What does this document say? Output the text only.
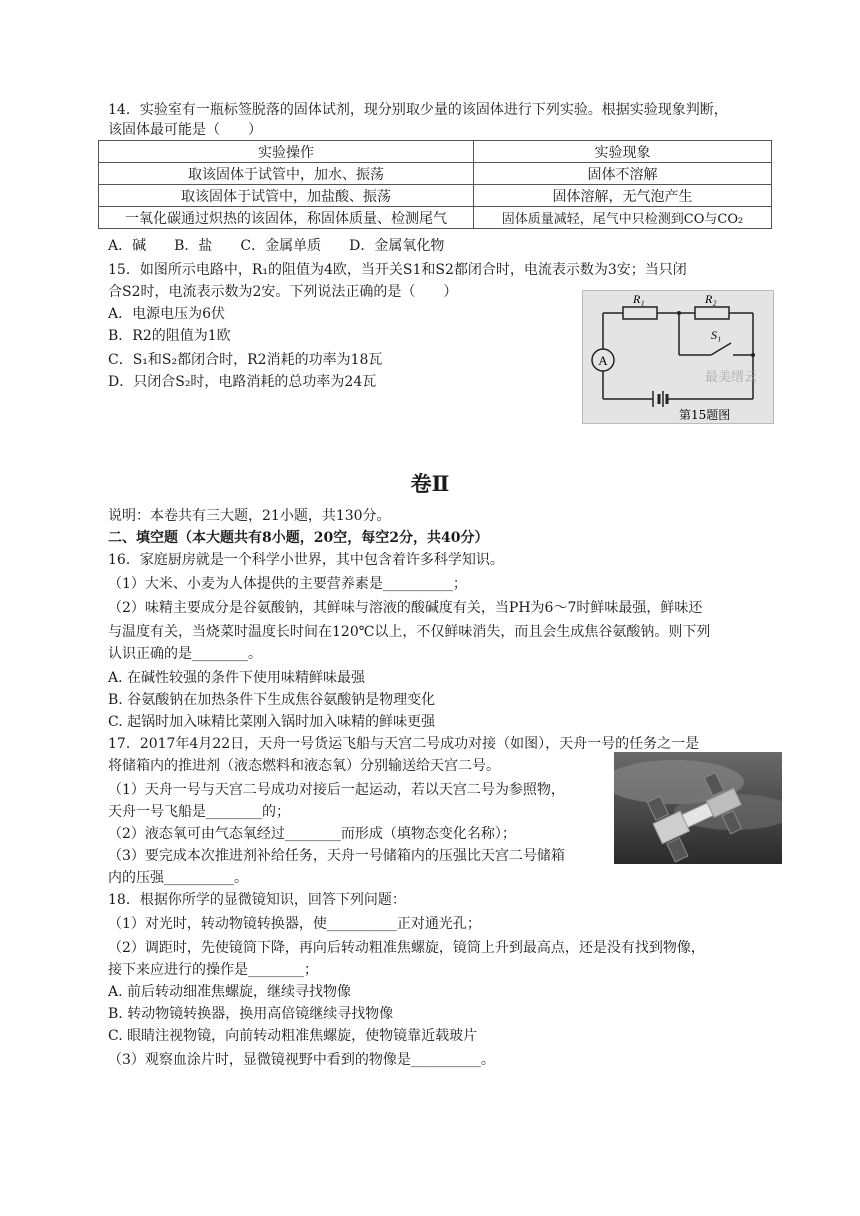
14．实验室有一瓶标签脱落的固体试剂，现分别取少量的该固体进行下列实验。根据实验现象判断，
该固体最可能是（　　）
实验操作	实验现象
取该固体于试管中，加水、振荡	固体不溶解
取该固体于试管中，加盐酸、振荡	固体溶解，无气泡产生
一氧化碳通过炽热的该固体，称固体质量、检测尾气	固体质量减轻，尾气中只检测到CO与CO₂
A．碱　　B．盐　　C．金属单质　　D．金属氧化物
15．如图所示电路中，R₁的阻值为4欧，当开关S1和S2都闭合时，电流表示数为3安；当只闭
合S2时，电流表示数为2安。下列说法正确的是（　　）
A．电源电压为6伏
B．R2的阻值为1欧
C．S₁和S₂都闭合时，R2消耗的功率为18瓦
D．只闭合S₂时，电路消耗的总功率为24瓦
A
R₁	R₂
S₁
第15题图
最美缙云
卷Ⅱ
说明：本卷共有三大题，21小题，共130分。
二、填空题（本大题共有8小题，20空，每空2分，共40分）
16．家庭厨房就是一个科学小世界，其中包含着许多科学知识。
（1）大米、小麦为人体提供的主要营养素是__________；
（2）味精主要成分是谷氨酸钠，其鲜味与溶液的酸碱度有关，当PH为6～7时鲜味最强，鲜味还
与温度有关，当烧菜时温度长时间在120℃以上，不仅鲜味消失，而且会生成焦谷氨酸钠。则下列
认识正确的是________。
A. 在碱性较强的条件下使用味精鲜味最强
B. 谷氨酸钠在加热条件下生成焦谷氨酸钠是物理变化
C. 起锅时加入味精比菜刚入锅时加入味精的鲜味更强
17．2017年4月22日，天舟一号货运飞船与天宫二号成功对接（如图），天舟一号的任务之一是
将储箱内的推进剂（液态燃料和液态氧）分别输送给天宫二号。
（1）天舟一号与天宫二号成功对接后一起运动，若以天宫二号为参照物，
天舟一号飞船是________的；
（2）液态氧可由气态氧经过________而形成（填物态变化名称）；
（3）要完成本次推进剂补给任务，天舟一号储箱内的压强比天宫二号储箱
内的压强__________。
18．根据你所学的显微镜知识，回答下列问题：
（1）对光时，转动物镜转换器，使__________正对通光孔；
（2）调距时，先使镜筒下降，再向后转动粗准焦螺旋，镜筒上升到最高点，还是没有找到物像，
接下来应进行的操作是________；
A. 前后转动细准焦螺旋，继续寻找物像
B. 转动物镜转换器，换用高倍镜继续寻找物像
C. 眼睛注视物镜，向前转动粗准焦螺旋，使物镜靠近载玻片
（3）观察血涂片时，显微镜视野中看到的物像是__________。
